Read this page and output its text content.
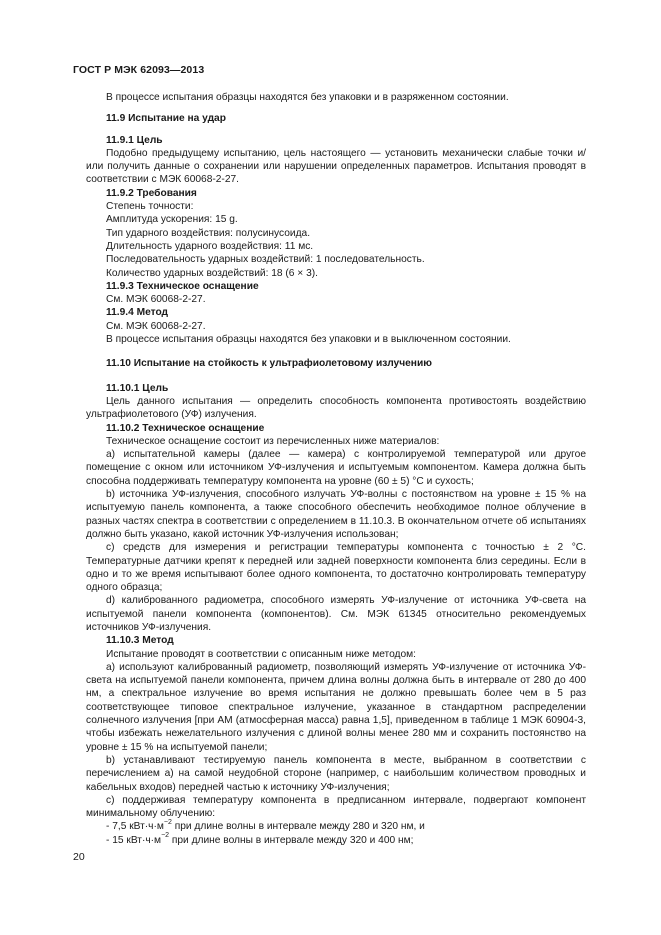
ГОСТ Р МЭК 62093—2013

В процессе испытания образцы находятся без упаковки и в разряженном состоянии.

11.9 Испытание на удар

11.9.1 Цель

Подобно предыдущему испытанию, цель настоящего — установить механически слабые точки и/или получить данные о сохранении или нарушении определенных параметров. Испытания проводят в соответствии с МЭК 60068-2-27.

11.9.2 Требования

Степень точности:

Амплитуда ускорения: 15 g.

Тип ударного воздействия: полусинусоида.

Длительность ударного воздействия: 11 мс.

Последовательность ударных воздействий: 1 последовательность.

Количество ударных воздействий: 18 (6 × 3).

11.9.3 Техническое оснащение

См. МЭК 60068-2-27.

11.9.4 Метод

См. МЭК 60068-2-27.

В процессе испытания образцы находятся без упаковки и в выключенном состоянии.

11.10 Испытание на стойкость к ультрафиолетовому излучению

11.10.1 Цель

Цель данного испытания — определить способность компонента противостоять воздействию ультрафиолетового (УФ) излучения.

11.10.2 Техническое оснащение

Техническое оснащение состоит из перечисленных ниже материалов:

а) испытательной камеры (далее — камера) с контролируемой температурой или другое помещение с окном или источником УФ-излучения и испытуемым компонентом. Камера должна быть способна поддерживать температуру компонента на уровне (60 ± 5) °С и сухость;

b) источника УФ-излучения, способного излучать УФ-волны с постоянством на уровне ± 15 % на испытуемую панель компонента, а также способного обеспечить необходимое полное облучение в разных частях спектра в соответствии с определением в 11.10.3. В окончательном отчете об испытаниях должно быть указано, какой источник УФ-излучения использован;

с) средств для измерения и регистрации температуры компонента с точностью ± 2 °С. Температурные датчики крепят к передней или задней поверхности компонента близ середины. Если в одно и то же время испытывают более одного компонента, то достаточно контролировать температуру одного образца;

d) калиброванного радиометра, способного измерять УФ-излучение от источника УФ-света на испытуемой панели компонента (компонентов). См. МЭК 61345 относительно рекомендуемых источников УФ-излучения.

11.10.3 Метод

Испытание проводят в соответствии с описанным ниже методом:

а) используют калиброванный радиометр, позволяющий измерять УФ-излучение от источника УФ-света на испытуемой панели компонента, причем длина волны должна быть в интервале от 280 до 400 нм, а спектральное излучение во время испытания не должно превышать более чем в 5 раз соответствующее типовое спектральное излучение, указанное в стандартном распределении солнечного излучения [при АМ (атмосферная масса) равна 1,5], приведенном в таблице 1 МЭК 60904-3, чтобы избежать нежелательного излучения с длиной волны менее 280 мм и сохранить постоянство на уровне ± 15 % на испытуемой панели;

b) устанавливают тестируемую панель компонента в месте, выбранном в соответствии с перечислением а) на самой неудобной стороне (например, с наибольшим количеством проводных и кабельных входов) передней частью к источнику УФ-излучения;

с) поддерживая температуру компонента в предписанном интервале, подвергают компонент минимальному облучению:

- 7,5 $кВт\cdot ч\cdot м^{-2}$ при длине волны в интервале между 280 и 320 нм, и

- 15 $кВт\cdot ч\cdot м^{-2}$ при длине волны в интервале между 320 и 400 нм;

20
